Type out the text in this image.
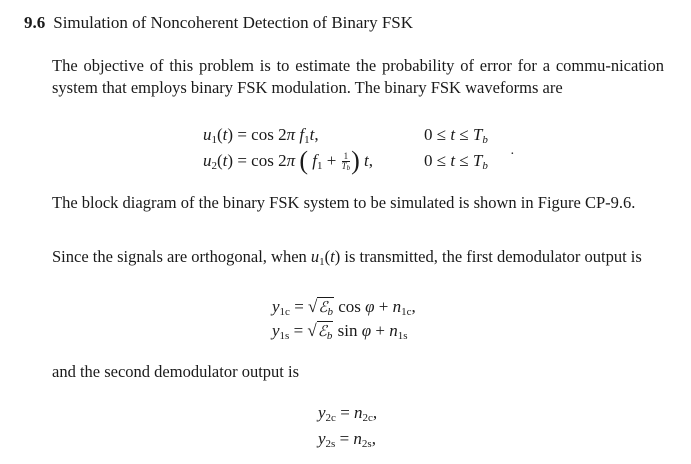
9.6 Simulation of Noncoherent Detection of Binary FSK
The objective of this problem is to estimate the probability of error for a commu-nication system that employs binary FSK modulation. The binary FSK waveforms are
$u_1(t) = \cos 2\pi$ $f_1t$,	$0 \le t \le T_b$
$u_2(t) = \cos 2\pi$ ( $f_1 + \frac{1}{T_b}$ ) t,	$0 \le t \le T_b$
·
The block diagram of the binary FSK system to be simulated is shown in Figure CP-9.6.
Since the signals are orthogonal, when $u_1(t)$ is transmitted, the first demodulator output is
$y_{1c}$ = √ℰ$_b$ $\cos \varphi + n_{1c}$,
$y_{1s}$ = √ℰ$_b$ $\sin \varphi + n_{1s}$
and the second demodulator output is
$y_{2c} = n_{2c}$,
$y_{2s} = n_{2s}$,
